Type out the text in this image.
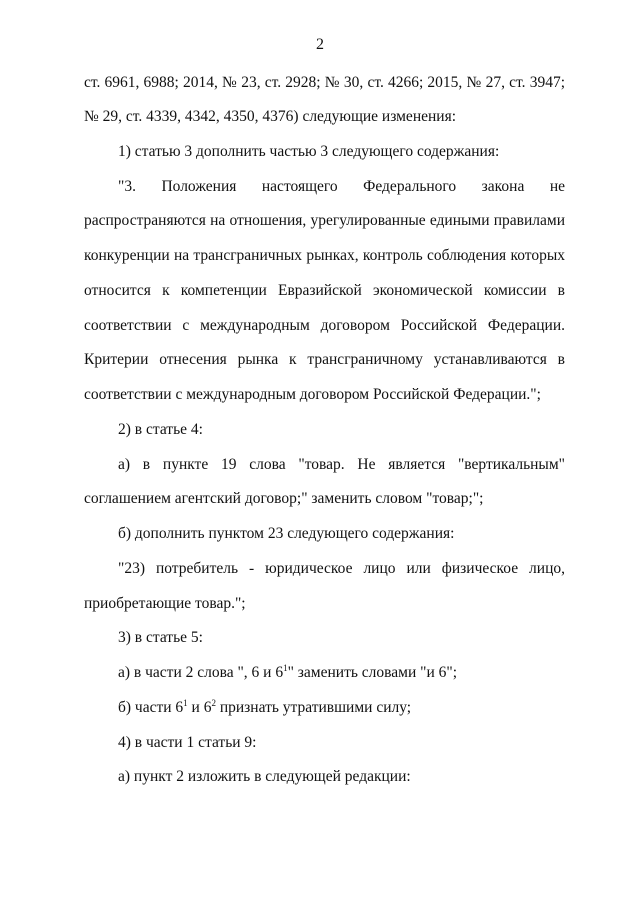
2
ст. 6961, 6988; 2014, № 23, ст. 2928; № 30, ст. 4266; 2015, № 27, ст. 3947;
№ 29, ст. 4339, 4342, 4350, 4376) следующие изменения:
1) статью 3 дополнить частью 3 следующего содержания:
"3. Положения настоящего Федерального закона не
распространяются на отношения, урегулированные едиными правилами
конкуренции на трансграничных рынках, контроль соблюдения которых
относится к компетенции Евразийской экономической комиссии в
соответствии с международным договором Российской Федерации.
Критерии отнесения рынка к трансграничному устанавливаются в
соответствии с международным договором Российской Федерации.";
2) в статье 4:
а) в пункте 19 слова "товар. Не является "вертикальным"
соглашением агентский договор;" заменить словом "товар;";
б) дополнить пунктом 23 следующего содержания:
"23) потребитель - юридическое лицо или физическое лицо,
приобретающие товар.";
3) в статье 5:
а) в части 2 слова ", 6 и $6^1$" заменить словами "и 6";
б) части $6^1$ и $6^2$ признать утратившими силу;
4) в части 1 статьи 9:
а) пункт 2 изложить в следующей редакции:
